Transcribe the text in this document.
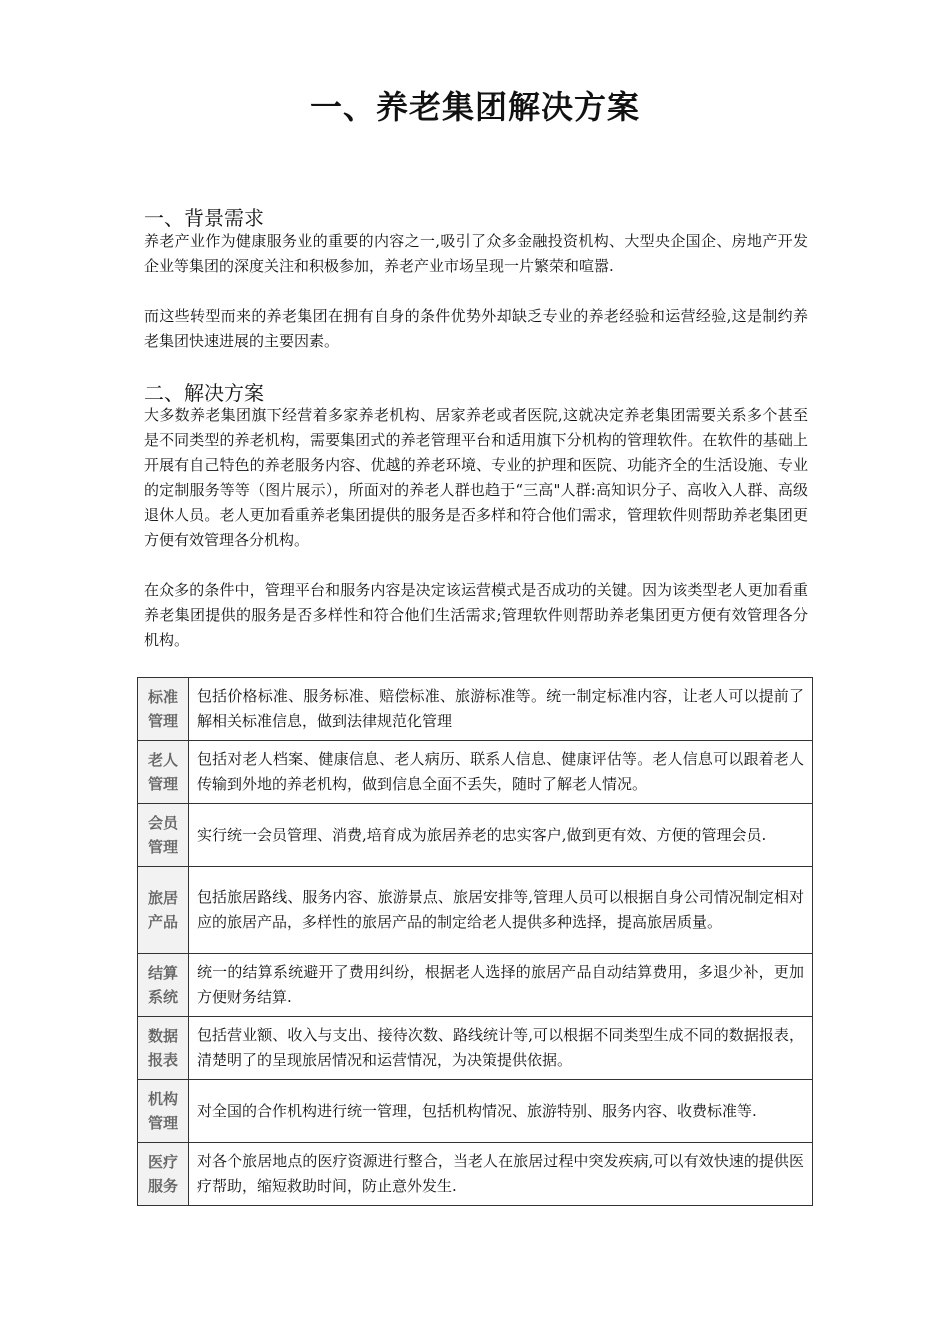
一、养老集团解决方案
一、背景需求

养老产业作为健康服务业的重要的内容之一,吸引了众多金融投资机构、大型央企国企、房地产开发企业等集团的深度关注和积极参加，养老产业市场呈现一片繁荣和喧嚣.

而这些转型而来的养老集团在拥有自身的条件优势外却缺乏专业的养老经验和运营经验,这是制约养老集团快速进展的主要因素。

二、解决方案

大多数养老集团旗下经营着多家养老机构、居家养老或者医院,这就决定养老集团需要关系多个甚至是不同类型的养老机构，需要集团式的养老管理平台和适用旗下分机构的管理软件。在软件的基础上开展有自己特色的养老服务内容、优越的养老环境、专业的护理和医院、功能齐全的生活设施、专业的定制服务等等（图片展示），所面对的养老人群也趋于“三高"人群:高知识分子、高收入人群、高级退休人员。老人更加看重养老集团提供的服务是否多样和符合他们需求，管理软件则帮助养老集团更方便有效管理各分机构。

在众多的条件中，管理平台和服务内容是决定该运营模式是否成功的关键。因为该类型老人更加看重养老集团提供的服务是否多样性和符合他们生活需求;管理软件则帮助养老集团更方便有效管理各分机构。

标准
管理	包括价格标准、服务标准、赔偿标准、旅游标准等。统一制定标准内容，让老人可以提前了解相关标准信息，做到法律规范化管理
老人
管理	包括对老人档案、健康信息、老人病历、联系人信息、健康评估等。老人信息可以跟着老人传输到外地的养老机构，做到信息全面不丢失，随时了解老人情况。
会员
管理	实行统一会员管理、消费,培育成为旅居养老的忠实客户,做到更有效、方便的管理会员.
旅居
产品	包括旅居路线、服务内容、旅游景点、旅居安排等,管理人员可以根据自身公司情况制定相对应的旅居产品，多样性的旅居产品的制定给老人提供多种选择，提高旅居质量。
结算
系统	统一的结算系统避开了费用纠纷，根据老人选择的旅居产品自动结算费用，多退少补，更加方便财务结算.
数据
报表	包括营业额、收入与支出、接待次数、路线统计等,可以根据不同类型生成不同的数据报表，清楚明了的呈现旅居情况和运营情况，为决策提供依据。
机构
管理	对全国的合作机构进行统一管理，包括机构情况、旅游特别、服务内容、收费标准等.
医疗
服务	对各个旅居地点的医疗资源进行整合，当老人在旅居过程中突发疾病,可以有效快速的提供医疗帮助，缩短救助时间，防止意外发生.
